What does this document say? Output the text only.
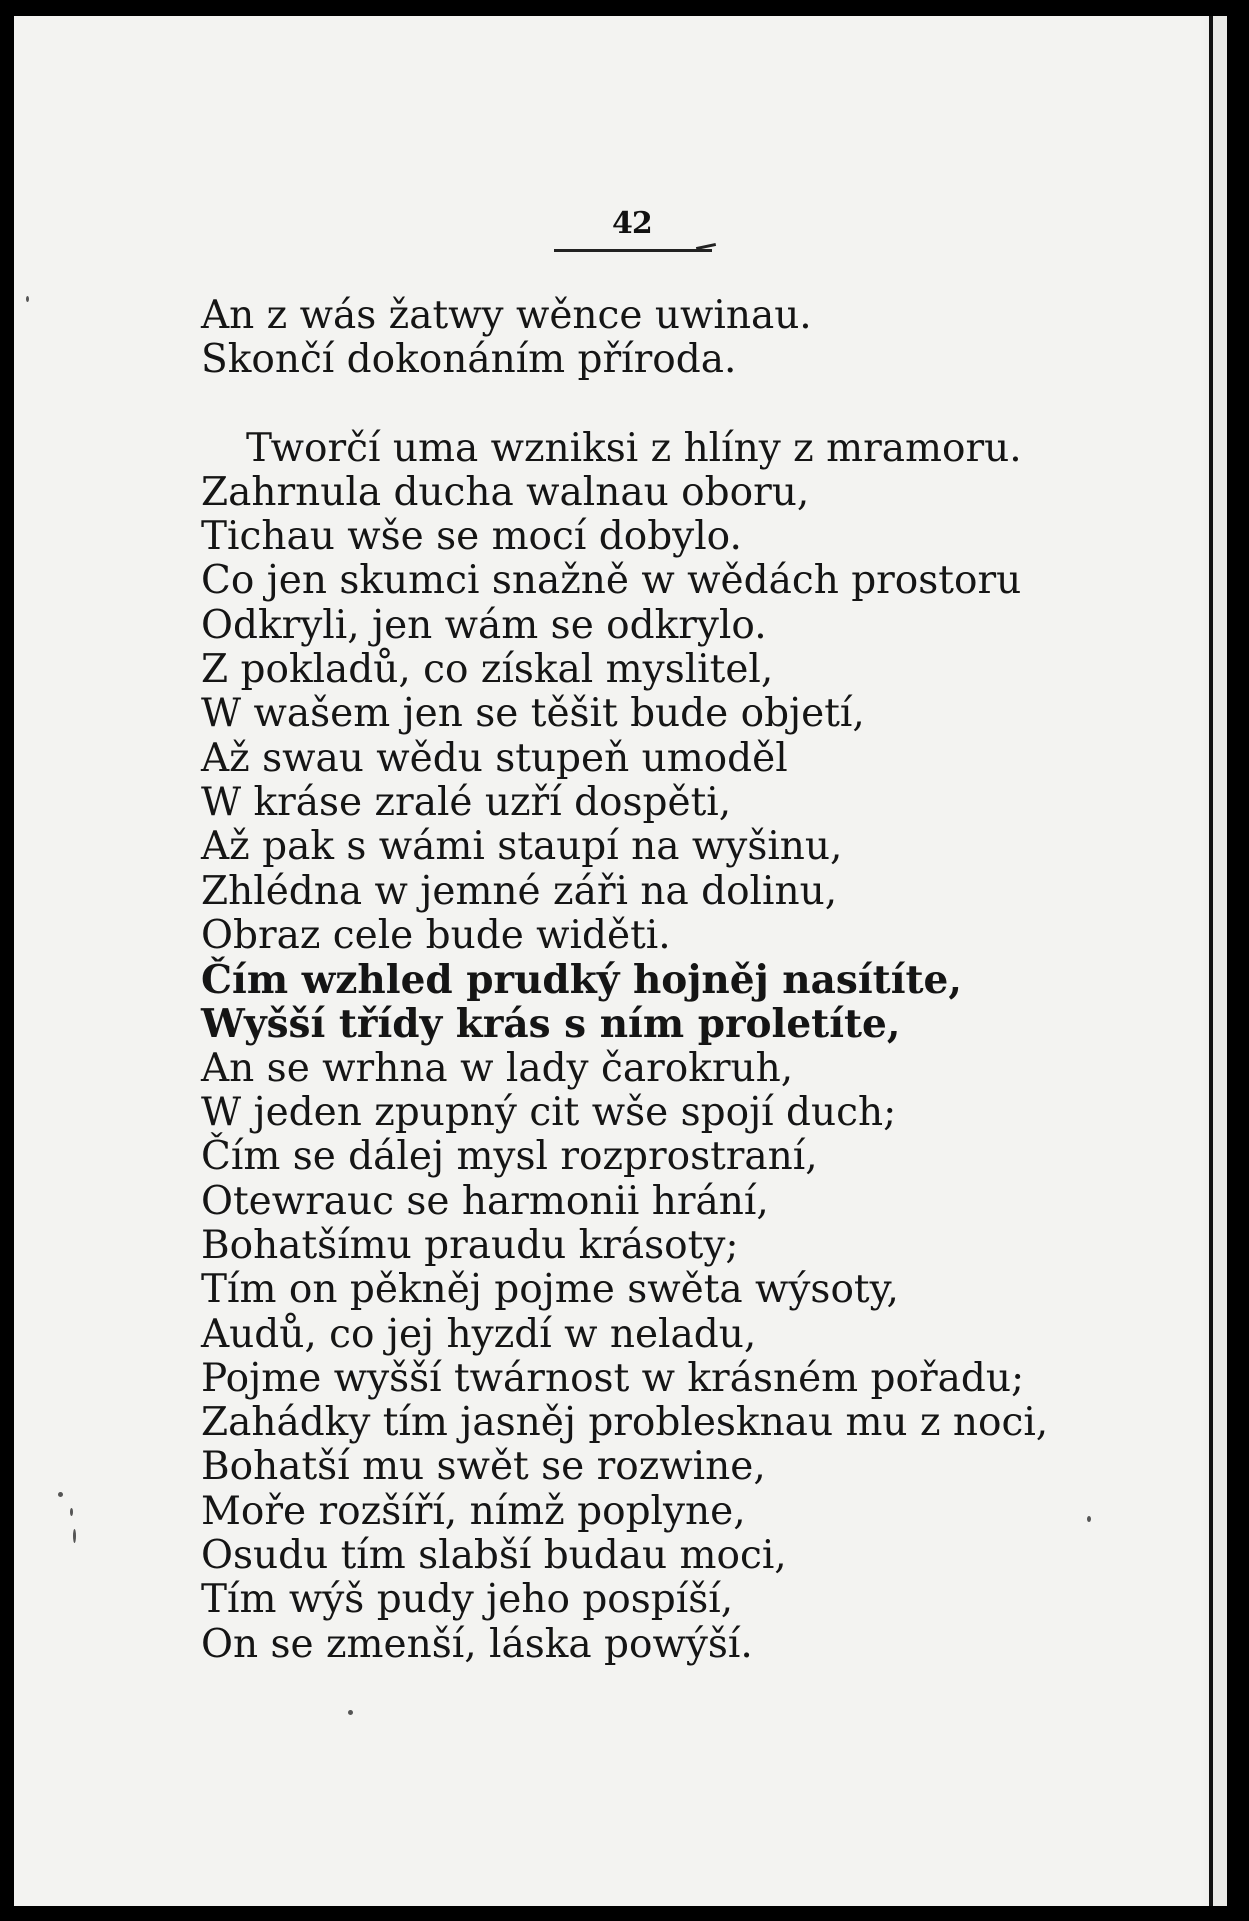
42
An z wás žatwy wěnce uwinau.
Skončí dokonáním příroda.
Tworčí uma wzniksi z hlíny z mramoru.
Zahrnula ducha walnau oboru,
Tichau wše se mocí dobylo.
Co jen skumci snažně w wědách prostoru
Odkryli, jen wám se odkrylo.
Z pokladů, co získal myslitel,
W wašem jen se těšit bude objetí,
Až swau wědu stupeň umoděl
W kráse zralé uzří dospěti,
Až pak s wámi staupí na wyšinu,
Zhlédna w jemné záři na dolinu,
Obraz cele bude widěti.
Čím wzhled prudký hojněj nasítíte,
Wyšší třídy krás s ním proletíte,
An se wrhna w lady čarokruh,
W jeden zpupný cit wše spojí duch;
Čím se dálej mysl rozprostraní,
Otewrauc se harmonii hrání,
Bohatšímu praudu krásoty;
Tím on pěkněj pojme swěta wýsoty,
Audů, co jej hyzdí w neladu,
Pojme wyšší twárnost w krásném pořadu;
Zahádky tím jasněj problesknau mu z noci,
Bohatší mu swět se rozwine,
Moře rozšíří, nímž poplyne,
Osudu tím slabší budau moci,
Tím wýš pudy jeho pospíší,
On se zmenší, láska powýší.
